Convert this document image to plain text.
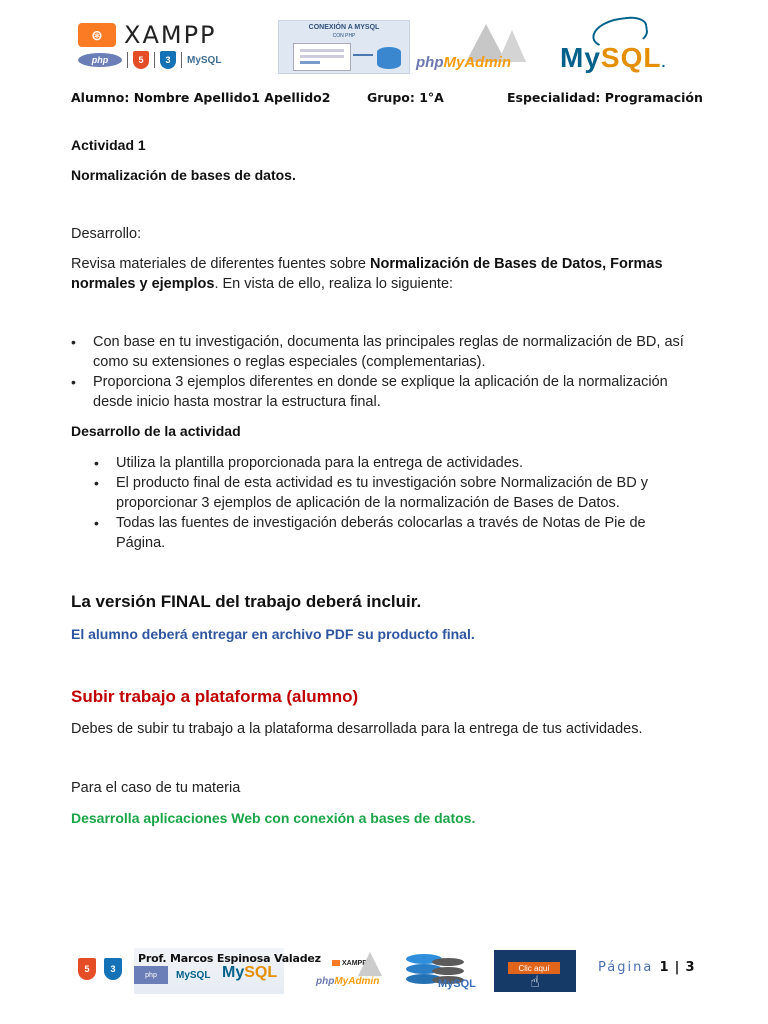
⊛ XAMPP
php	5	3	MySQL
CONEXIÓN A MYSQL
CON PHP
phpMyAdmin MySQL.
Alumno: Nombre Apellido1 Apellido2	Grupo: 1°A	Especialidad: Programación
Actividad 1
Normalización de bases de datos.
Desarrollo:
Revisa materiales de diferentes fuentes sobre Normalización de Bases de Datos, Formas normales y ejemplos. En vista de ello, realiza lo siguiente:
• Con base en tu investigación, documenta las principales reglas de normalización de BD, así como su extensiones o reglas especiales (complementarias).
• Proporciona 3 ejemplos diferentes en donde se explique la aplicación de la normalización desde inicio hasta mostrar la estructura final.
Desarrollo de la actividad
• Utiliza la plantilla proporcionada para la entrega de actividades.
• El producto final de esta actividad es tu investigación sobre Normalización de BD y proporcionar 3 ejemplos de aplicación de la normalización de Bases de Datos.
• Todas las fuentes de investigación deberás colocarlas a través de Notas de Pie de Página.
La versión FINAL del trabajo deberá incluir.
El alumno deberá entregar en archivo PDF su producto final.
Subir trabajo a plataforma (alumno)
Debes de subir tu trabajo a la plataforma desarrollada para la entrega de tus actividades.
Para el caso de tu materia
Desarrolla aplicaciones Web con conexión a bases de datos.
5	3
Prof. Marcos Espinosa Valadez
php	MySQL MySQL
XAMPP
phpMyAdmin	MySQL
Clic aquí
☝
Página 1 | 3
